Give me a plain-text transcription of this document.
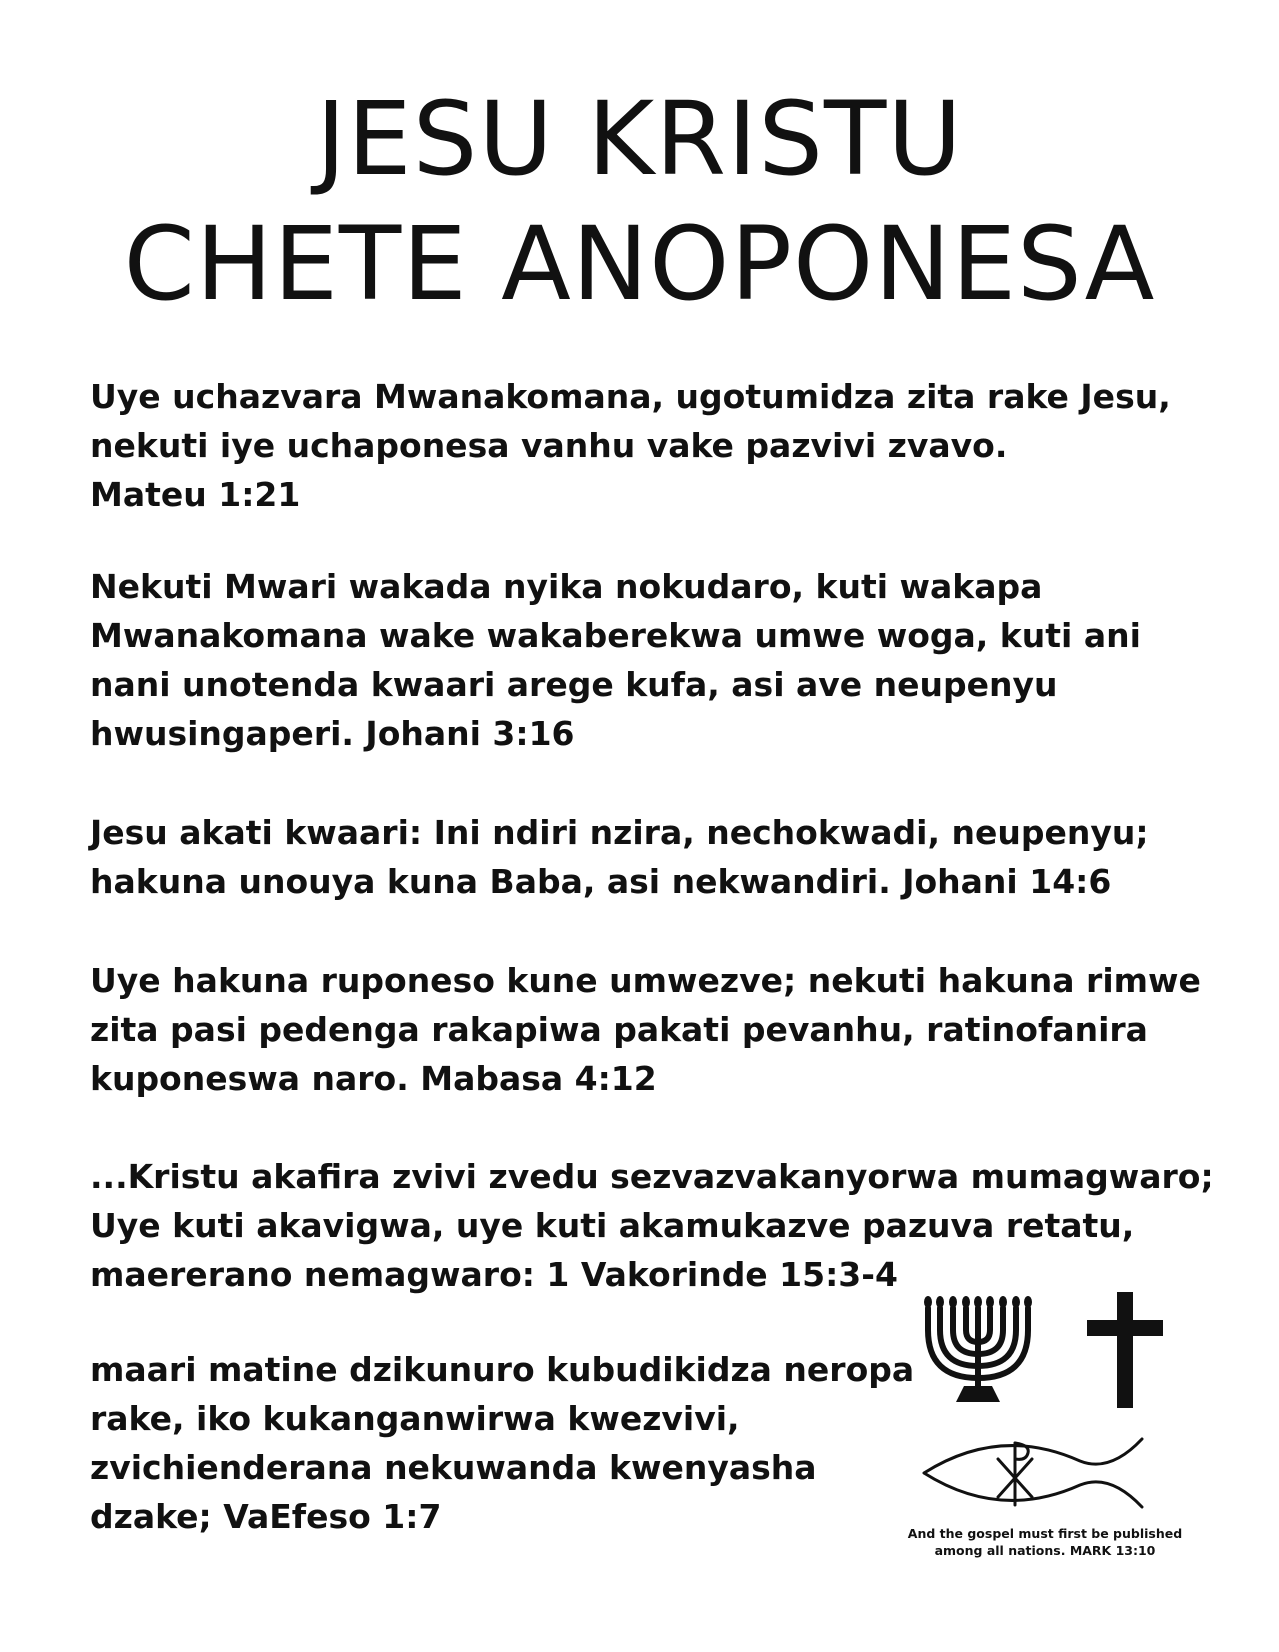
JESU KRISTU
CHETE ANOPONESA

Uye uchazvara Mwanakomana, ugotumidza zita rake Jesu,
nekuti iye uchaponesa vanhu vake pazvivi zvavo.
Mateu 1:21

Nekuti Mwari wakada nyika nokudaro, kuti wakapa
Mwanakomana wake wakaberekwa umwe woga, kuti ani
nani unotenda kwaari arege kufa, asi ave neupenyu
hwusingaperi. Johani 3:16

Jesu akati kwaari: Ini ndiri nzira, nechokwadi, neupenyu;
hakuna unouya kuna Baba, asi nekwandiri. Johani 14:6

Uye hakuna ruponeso kune umwezve; nekuti hakuna rimwe
zita pasi pedenga rakapiwa pakati pevanhu, ratinofanira
kuponeswa naro. Mabasa 4:12

...Kristu akafira zvivi zvedu sezvazvakanyorwa mumagwaro;
Uye kuti akavigwa, uye kuti akamukazve pazuva retatu,
maererano nemagwaro: 1 Vakorinde 15:3-4

maari matine dzikunuro kubudikidza neropa
rake, iko kukanganwirwa kwezvivi,
zvichienderana nekuwanda kwenyasha
dzake; VaEfeso 1:7	And the gospel must first be published
among all nations. MARK 13:10
